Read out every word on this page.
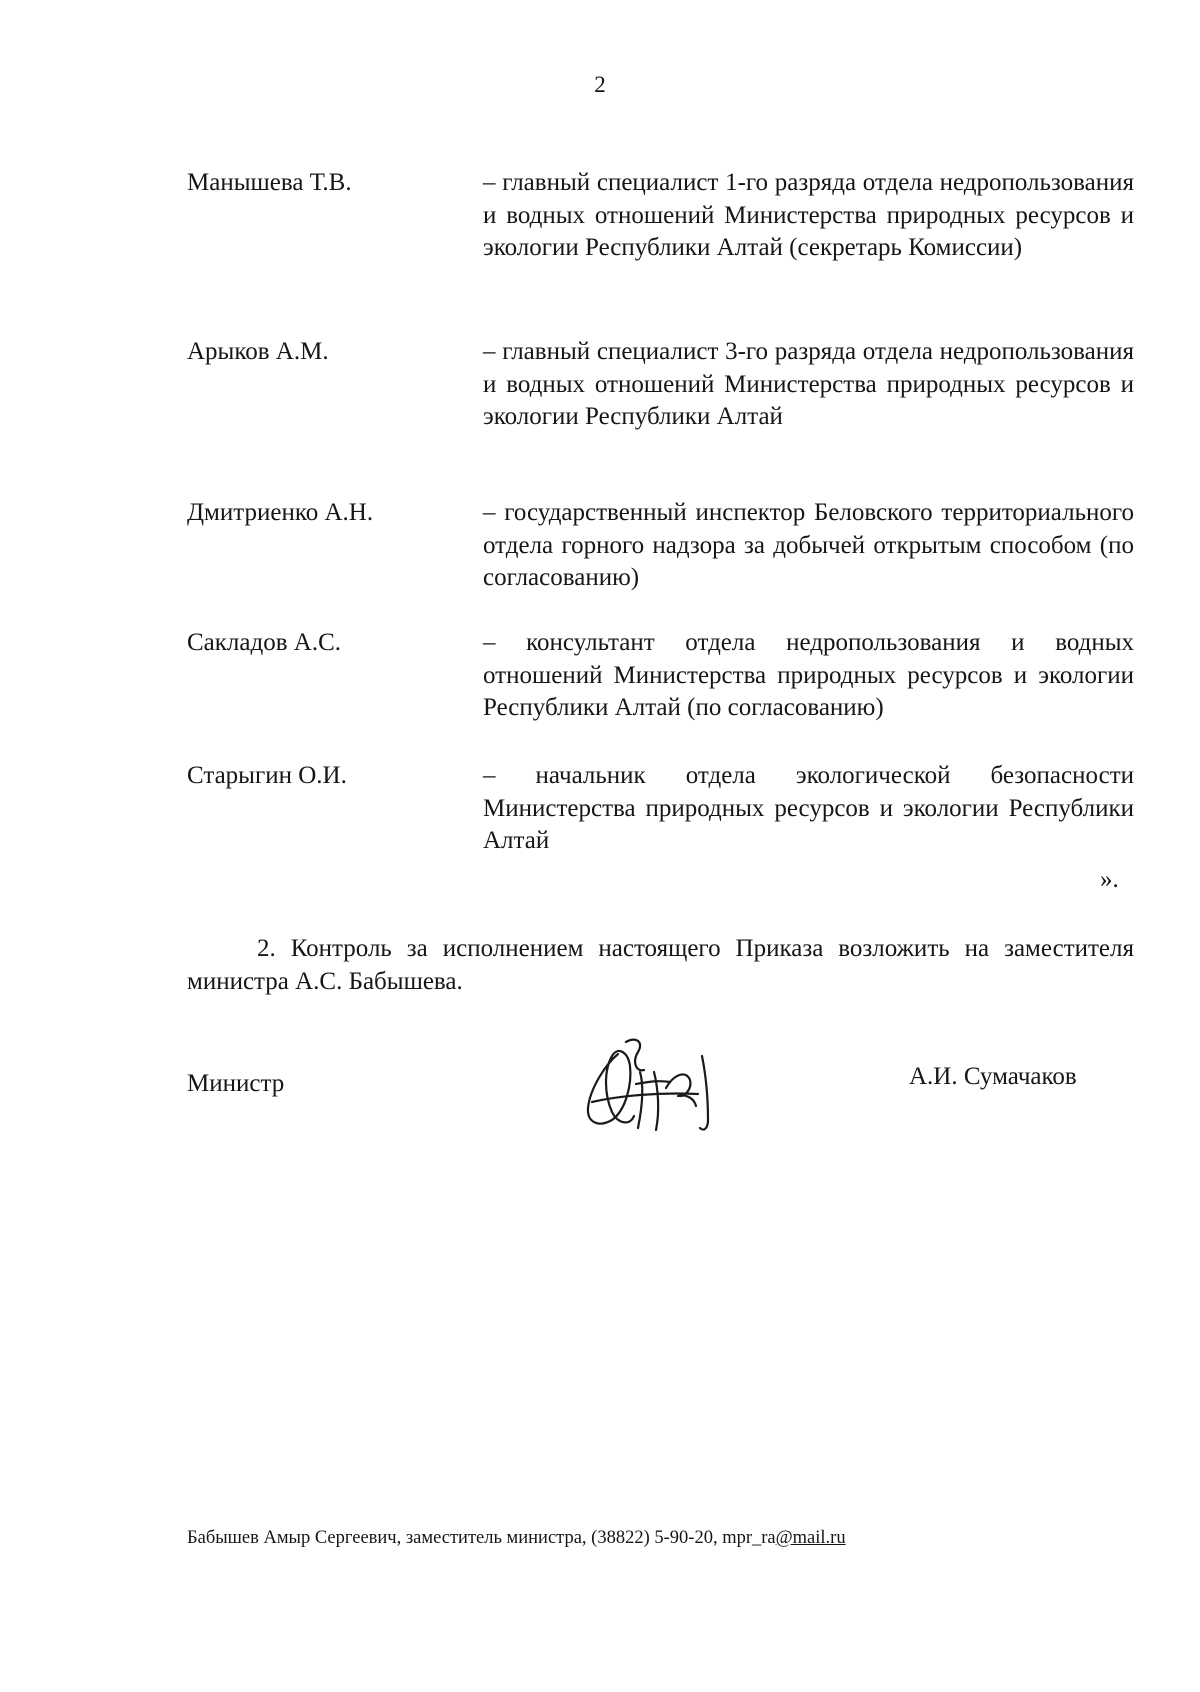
2
Манышева Т.В.	– главный специалист 1-го разряда отдела недропользования и водных отношений Министерства природных ресурсов и экологии Республики Алтай (секретарь Комиссии)
Арыков А.М.	– главный специалист 3-го разряда отдела недропользования и водных отношений Министерства природных ресурсов и экологии Республики Алтай
Дмитриенко А.Н.	– государственный инспектор Беловского территориального отдела горного надзора за добычей открытым способом (по согласованию)
Сакладов А.С.	– консультант отдела недропользования и водных отношений Министерства природных ресурсов и экологии Республики Алтай (по согласованию)
Старыгин О.И.	– начальник отдела экологической безопасности Министерства природных ресурсов и экологии Республики Алтай
».
2. Контроль за исполнением настоящего Приказа возложить на заместителя министра А.С. Бабышева.
Министр	А.И. Сумачаков
Бабышев Амыр Сергеевич, заместитель министра, (38822) 5-90-20, mpr_ra@mail.ru
